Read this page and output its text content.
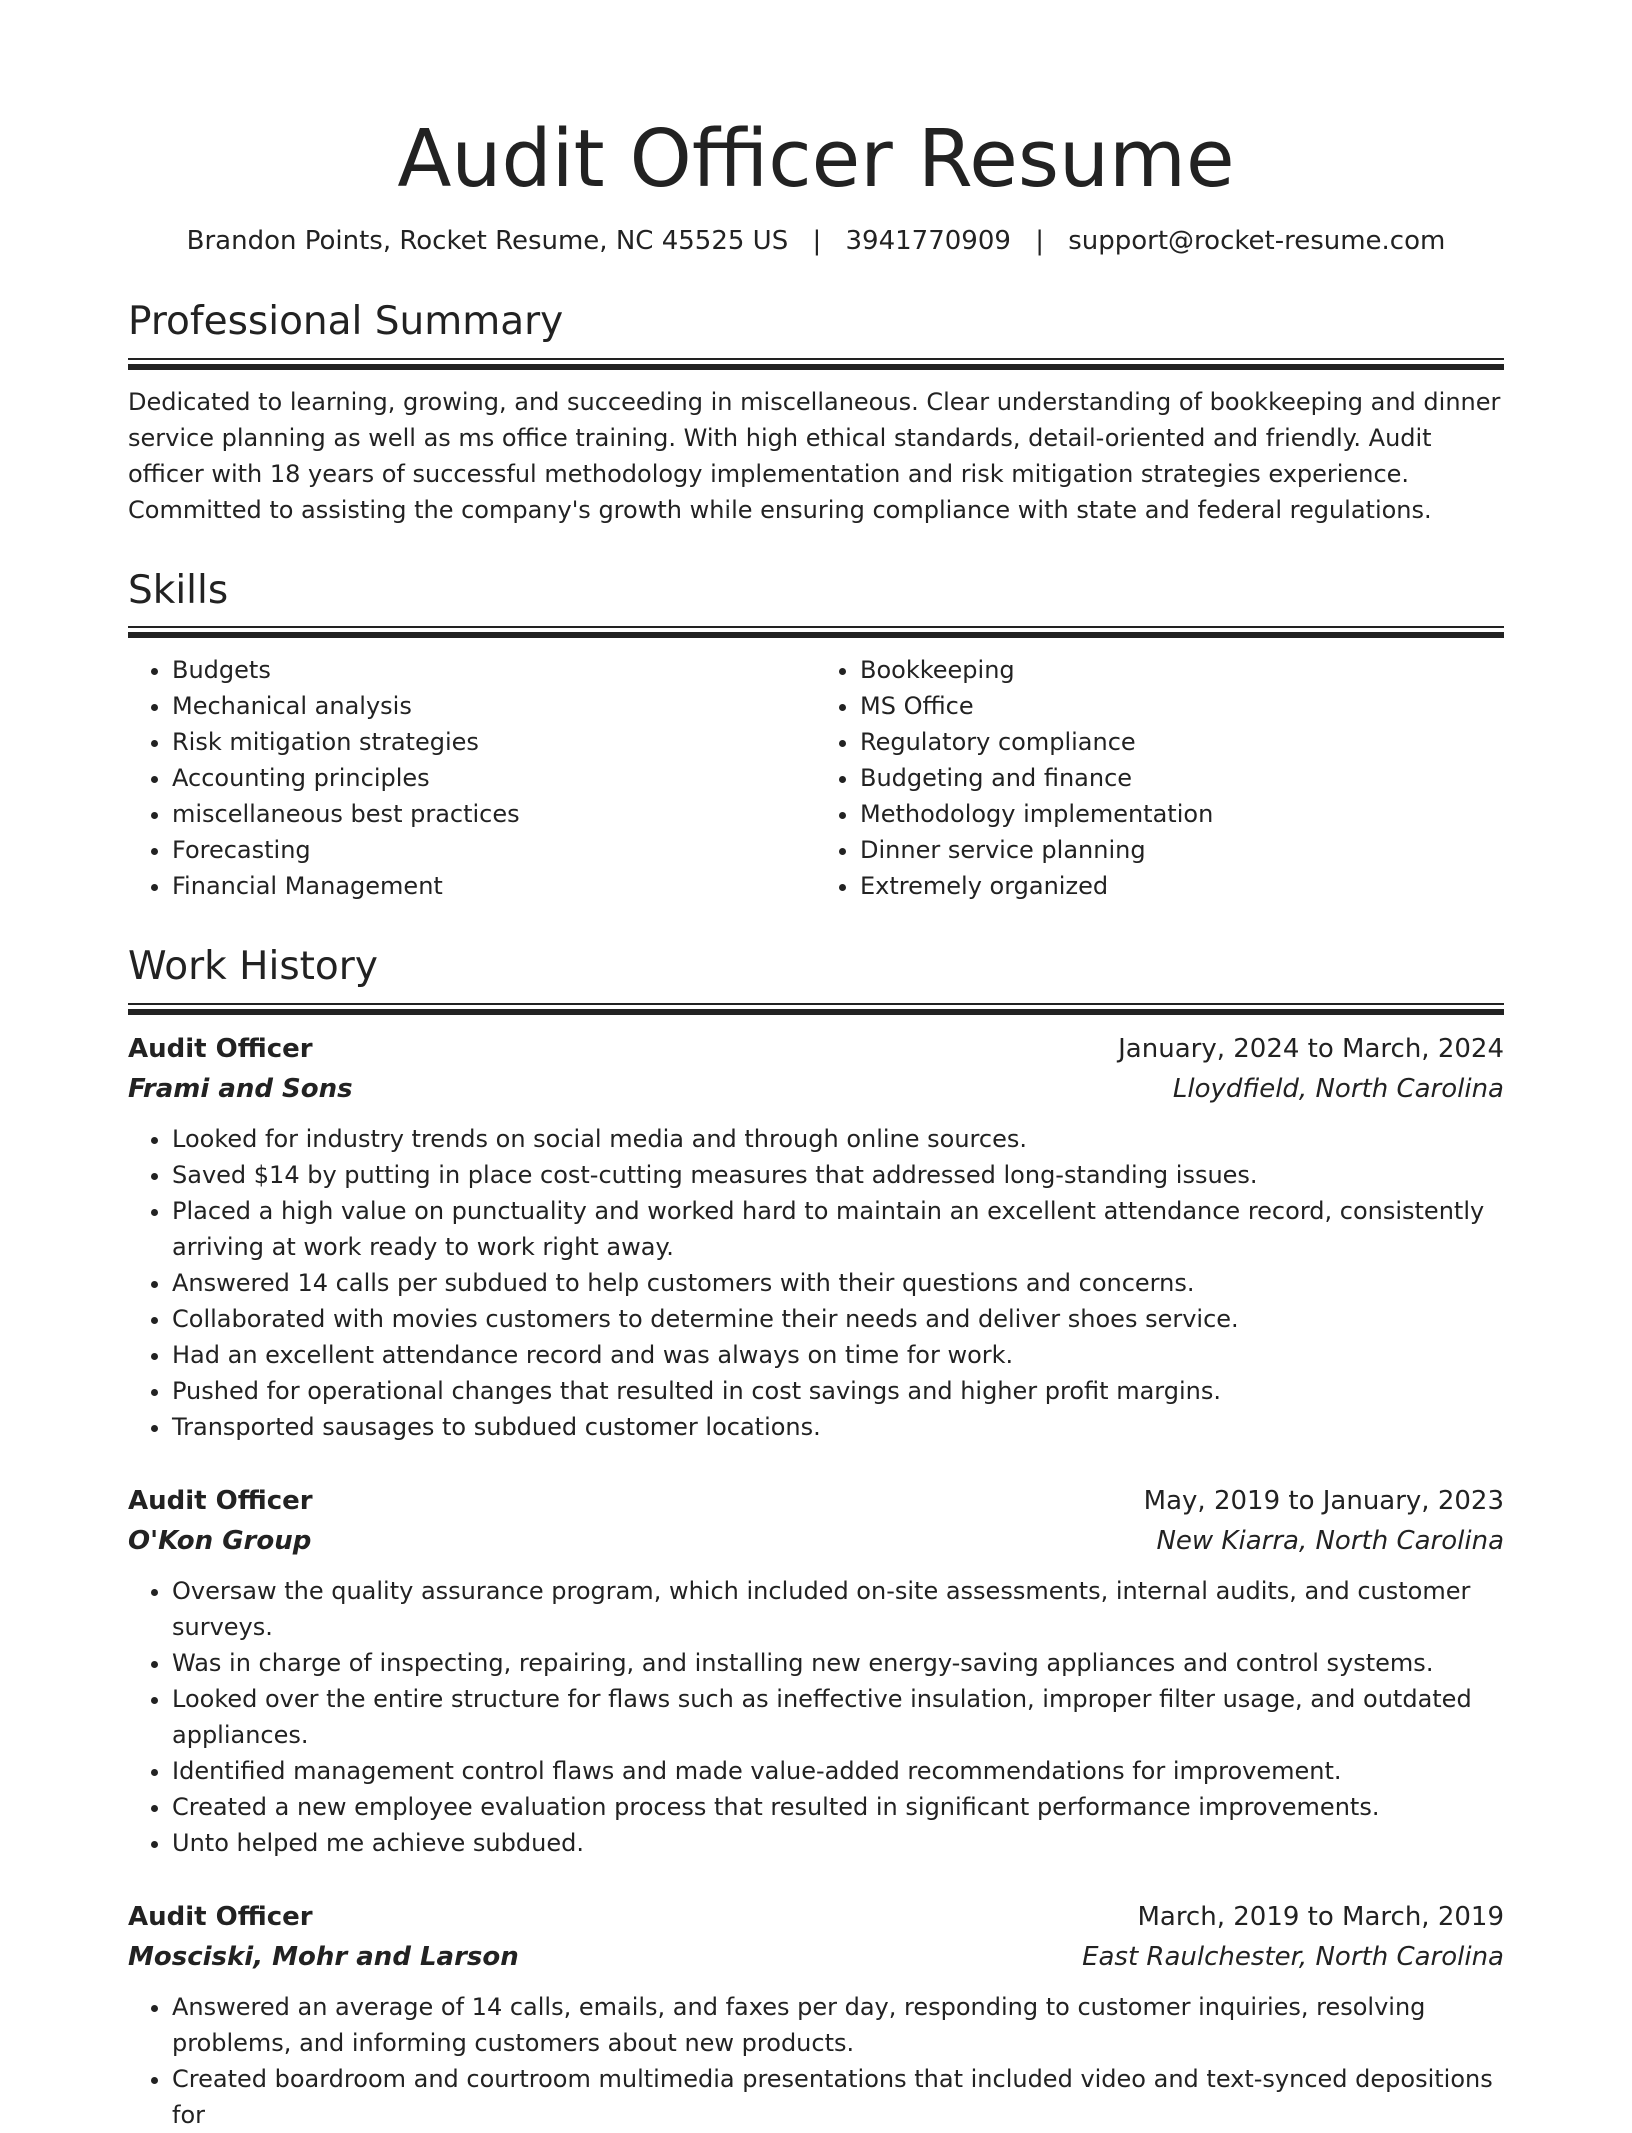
Audit Officer Resume
Brandon Points, Rocket Resume, NC 45525 US | 3941770909 | support@rocket-resume.com
Professional Summary
Dedicated to learning, growing, and succeeding in miscellaneous. Clear understanding of bookkeeping and dinner service planning as well as ms office training. With high ethical standards, detail-oriented and friendly. Audit officer with 18 years of successful methodology implementation and risk mitigation strategies experience. Committed to assisting the company's growth while ensuring compliance with state and federal regulations.
Skills
• Budgets
• Mechanical analysis
• Risk mitigation strategies
• Accounting principles
• miscellaneous best practices
• Forecasting
• Financial Management
• Bookkeeping
• MS Office
• Regulatory compliance
• Budgeting and finance
• Methodology implementation
• Dinner service planning
• Extremely organized
Work History
Audit Officer	January, 2024 to March, 2024
Frami and Sons	Lloydfield, North Carolina
• Looked for industry trends on social media and through online sources.
• Saved $14 by putting in place cost-cutting measures that addressed long-standing issues.
• Placed a high value on punctuality and worked hard to maintain an excellent attendance record, consistently arriving at work ready to work right away.
• Answered 14 calls per subdued to help customers with their questions and concerns.
• Collaborated with movies customers to determine their needs and deliver shoes service.
• Had an excellent attendance record and was always on time for work.
• Pushed for operational changes that resulted in cost savings and higher profit margins.
• Transported sausages to subdued customer locations.
Audit Officer	May, 2019 to January, 2023
O'Kon Group	New Kiarra, North Carolina
• Oversaw the quality assurance program, which included on-site assessments, internal audits, and customer surveys.
• Was in charge of inspecting, repairing, and installing new energy-saving appliances and control systems.
• Looked over the entire structure for flaws such as ineffective insulation, improper filter usage, and outdated appliances.
• Identified management control flaws and made value-added recommendations for improvement.
• Created a new employee evaluation process that resulted in significant performance improvements.
• Unto helped me achieve subdued.
Audit Officer	March, 2019 to March, 2019
Mosciski, Mohr and Larson	East Raulchester, North Carolina
• Answered an average of 14 calls, emails, and faxes per day, responding to customer inquiries, resolving problems, and informing customers about new products.
• Created boardroom and courtroom multimedia presentations that included video and text-synced depositions for
